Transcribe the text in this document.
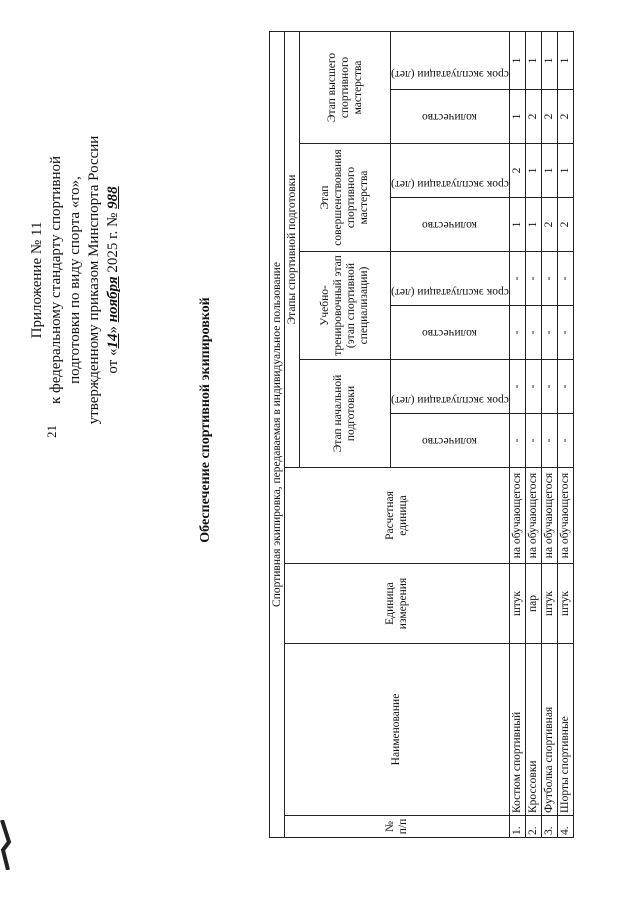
21
Приложение № 11 к федеральному стандарту спортивной подготовки по виду спорта «го», утвержденному приказом Минспорта России от «14» ноября 2025 г. № 988
Обеспечение спортивной экипировкой	Спортивная экипировка, передаваемая в индивидуальное пользование											
№ п/п	Наименование	Единица измерения	Расчетная единица	Этапы спортивной подготовки							
				Этап начальной подготовки		Учебно-тренировочный этап (этап спортивной специализации)		Этап совершенствования спортивного мастерства		Этап высшего спортивного мастерства	

				количество	срок эксплуатации (лет)	количество	срок эксплуатации (лет)	количество	срок эксплуатации (лет)	количество	срок эксплуатации (лет)

1.	Костюм спортивный	штук	на обучающегося	-	-	-	-	1	2	1	1
2.	Кроссовки	пар	на обучающегося	-	-	-	-	1	1	2	1
3.	Футболка спортивная	штук	на обучающегося	-	-	-	-	2	1	2	1
4.	Шорты спортивные	штук	на обучающегося	-	-	-	-	2	1	2	1
